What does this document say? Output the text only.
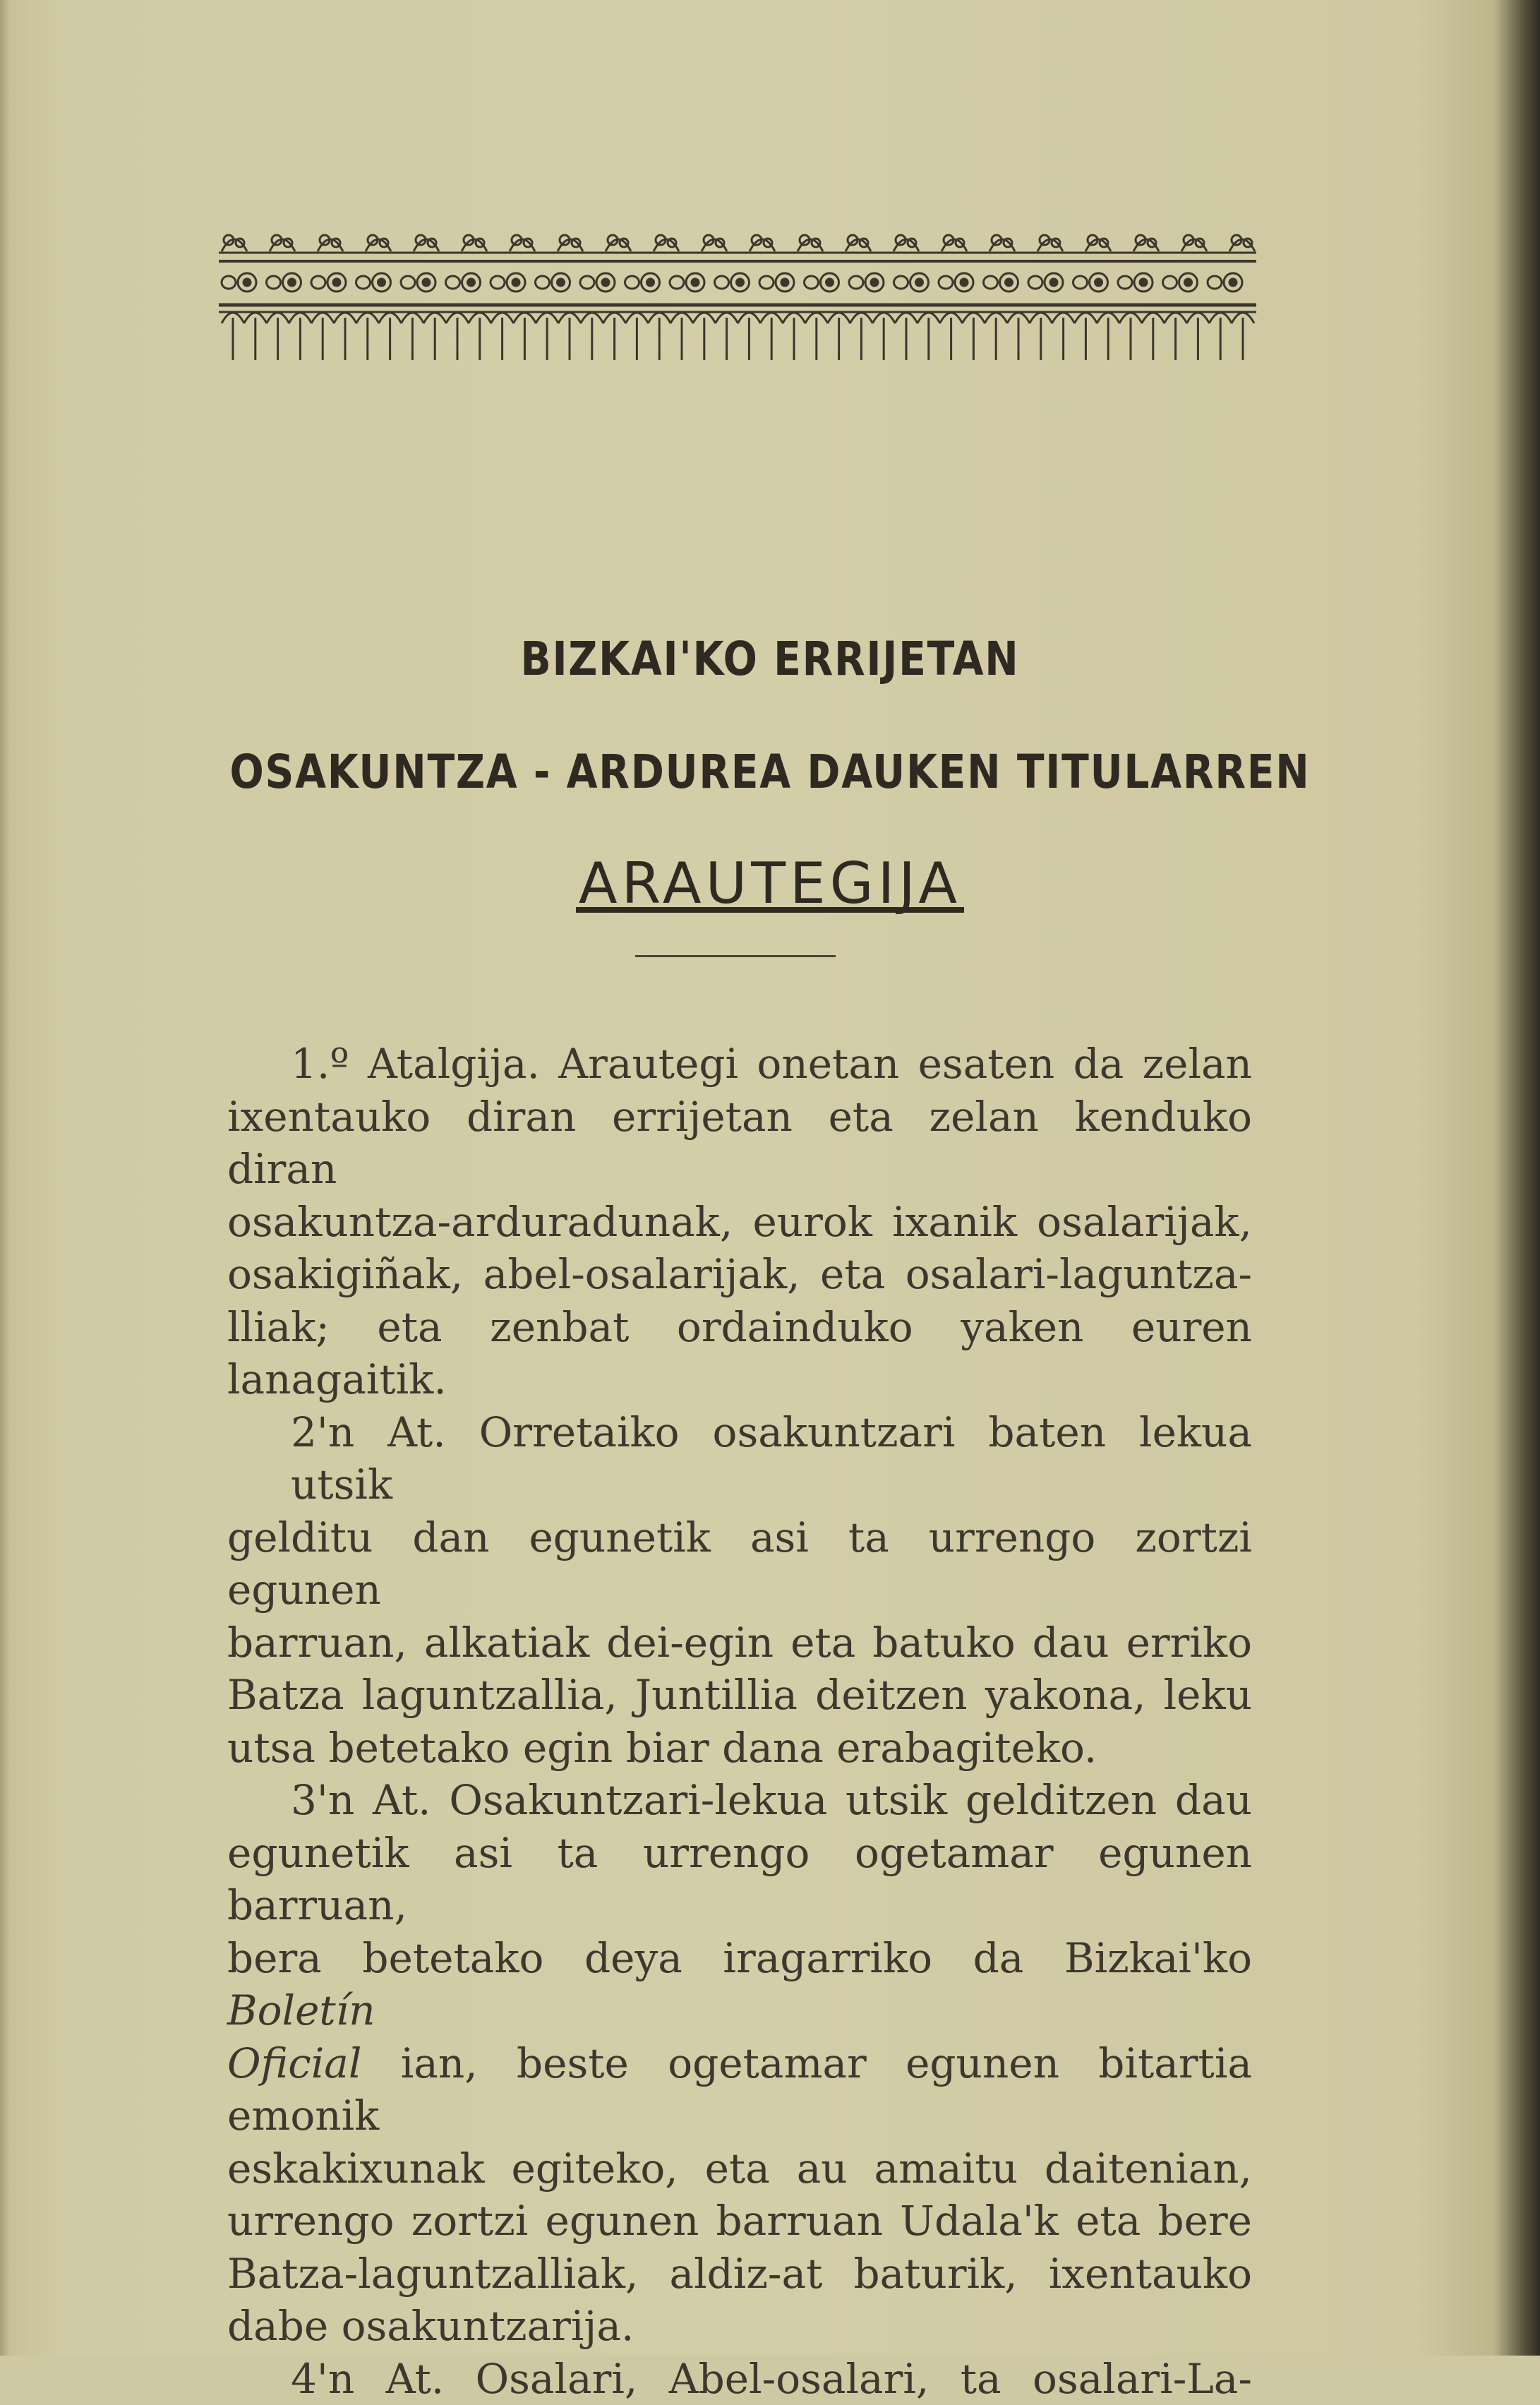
BIZKAI'KO ERRIJETAN
OSAKUNTZA - ARDUREA DAUKEN TITULARREN
ARAUTEGIJA

1.º Atalgija. Arautegi onetan esaten da zelan

ixentauko diran errijetan eta zelan kenduko diran

osakuntza-arduradunak, eurok ixanik osalarijak,

osakigiñak, abel-osalarijak, eta osalari-laguntza-

lliak; eta zenbat ordainduko yaken euren lanagaitik.

2'n At. Orretaiko osakuntzari baten lekua utsik

gelditu dan egunetik asi ta urrengo zortzi egunen

barruan, alkatiak dei-egin eta batuko dau erriko

Batza laguntzallia, Juntillia deitzen yakona, leku

utsa betetako egin biar dana erabagiteko.

3'n At. Osakuntzari-lekua utsik gelditzen dau

egunetik asi ta urrengo ogetamar egunen barruan,

bera betetako deya iragarriko da Bizkai'ko Boletín

Oficial ian, beste ogetamar egunen bitartia emonik

eskakixunak egiteko, eta au amaitu daitenian,

urrengo zortzi egunen barruan Udala'k eta bere

Batza-laguntzalliak, aldiz-at baturik, ixentauko

dabe osakuntzarija.

4'n At. Osalari, Abel-osalari, ta osalari-La-
